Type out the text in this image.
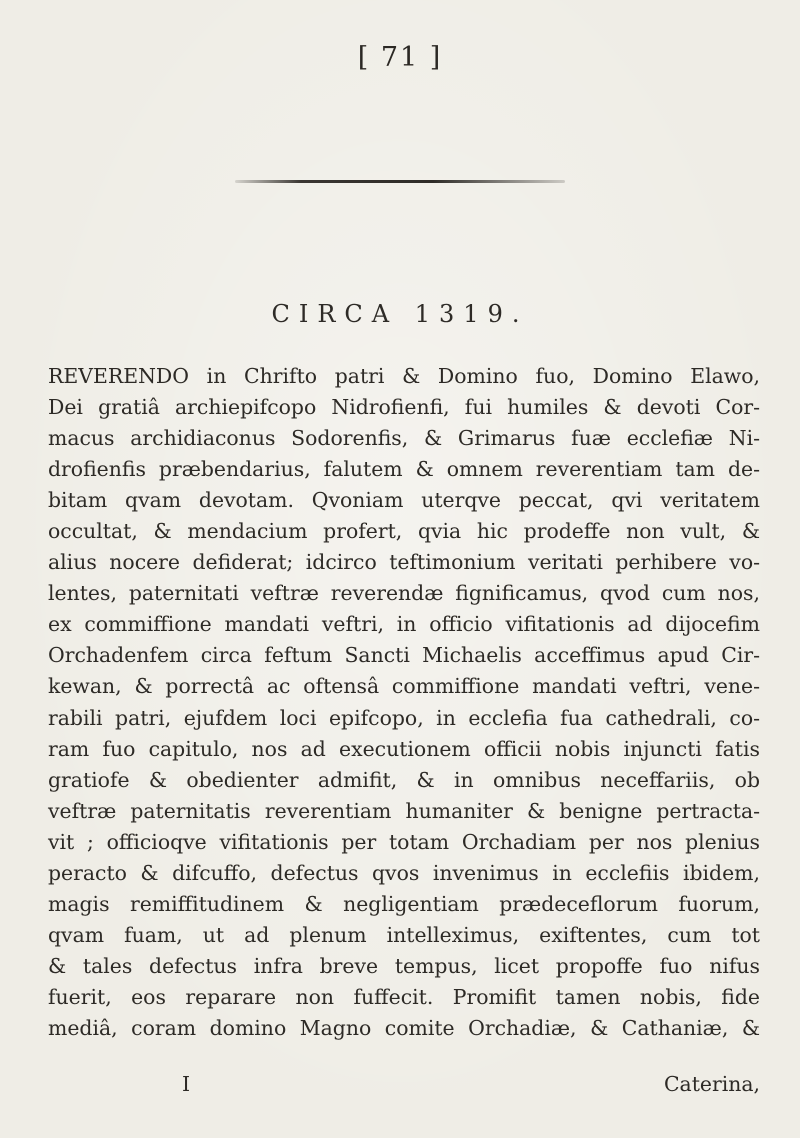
[ 71 ]
CIRCA 1319.
REVERENDO in Chrifto patri & Domino fuo, Domino Elawo,
Dei gratiâ archiepifcopo Nidrofienfi, fui humiles & devoti Cor-
macus archidiaconus Sodorenfis, & Grimarus fuæ ecclefiæ Ni-
drofienfis præbendarius, falutem & omnem reverentiam tam de-
bitam qvam devotam. Qvoniam uterqve peccat, qvi veritatem
occultat, & mendacium profert, qvia hic prodeffe non vult, &
alius nocere defiderat; idcirco teftimonium veritati perhibere vo-
lentes, paternitati veftræ reverendæ fignificamus, qvod cum nos,
ex commiffione mandati veftri, in officio vifitationis ad dijocefim
Orchadenfem circa feftum Sancti Michaelis acceffimus apud Cir-
kewan, & porrectâ ac oftensâ commiffione mandati veftri, vene-
rabili patri, ejufdem loci epifcopo, in ecclefia fua cathedrali, co-
ram fuo capitulo, nos ad executionem officii nobis injuncti fatis
gratiofe & obedienter admifit, & in omnibus neceffariis, ob
veftræ paternitatis reverentiam humaniter & benigne pertracta-
vit ; officioqve vifitationis per totam Orchadiam per nos plenius
peracto & difcuffo, defectus qvos invenimus in ecclefiis ibidem,
magis remiffitudinem & negligentiam prædeceflorum fuorum,
qvam fuam, ut ad plenum intelleximus, exiftentes, cum tot
& tales defectus infra breve tempus, licet propoffe fuo nifus
fuerit, eos reparare non fuffecit. Promifit tamen nobis, fide
mediâ, coram domino Magno comite Orchadiæ, & Cathaniæ, &
I	Caterina,
